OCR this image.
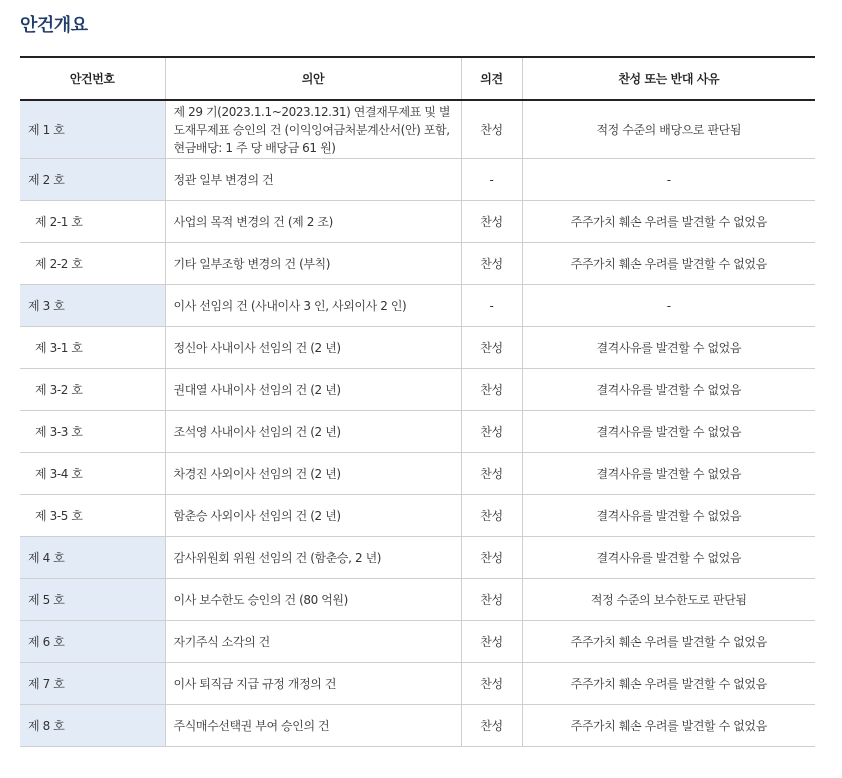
안건개요
안건번호	의안	의견	찬성 또는 반대 사유
제 1 호	제 29 기(2023.1.1~2023.12.31) 연결재무제표 및 별도재무제표 승인의 건 (이익잉여금처분계산서(안) 포함, 현금배당: 1 주 당 배당금 61 원)	찬성	적정 수준의 배당으로 판단됨
제 2 호	정관 일부 변경의 건	-	-
제 2-1 호	사업의 목적 변경의 건 (제 2 조)	찬성	주주가치 훼손 우려를 발견할 수 없었음
제 2-2 호	기타 일부조항 변경의 건 (부칙)	찬성	주주가치 훼손 우려를 발견할 수 없었음
제 3 호	이사 선임의 건 (사내이사 3 인, 사외이사 2 인)	-	-
제 3-1 호	정신아 사내이사 선임의 건 (2 년)	찬성	결격사유를 발견할 수 없었음
제 3-2 호	권대열 사내이사 선임의 건 (2 년)	찬성	결격사유를 발견할 수 없었음
제 3-3 호	조석영 사내이사 선임의 건 (2 년)	찬성	결격사유를 발견할 수 없었음
제 3-4 호	차경진 사외이사 선임의 건 (2 년)	찬성	결격사유를 발견할 수 없었음
제 3-5 호	함춘승 사외이사 선임의 건 (2 년)	찬성	결격사유를 발견할 수 없었음
제 4 호	감사위원회 위원 선임의 건 (함춘승, 2 년)	찬성	결격사유를 발견할 수 없었음
제 5 호	이사 보수한도 승인의 건 (80 억원)	찬성	적정 수준의 보수한도로 판단됨
제 6 호	자기주식 소각의 건	찬성	주주가치 훼손 우려를 발견할 수 없었음
제 7 호	이사 퇴직금 지급 규정 개정의 건	찬성	주주가치 훼손 우려를 발견할 수 없었음
제 8 호	주식매수선택권 부여 승인의 건	찬성	주주가치 훼손 우려를 발견할 수 없었음
